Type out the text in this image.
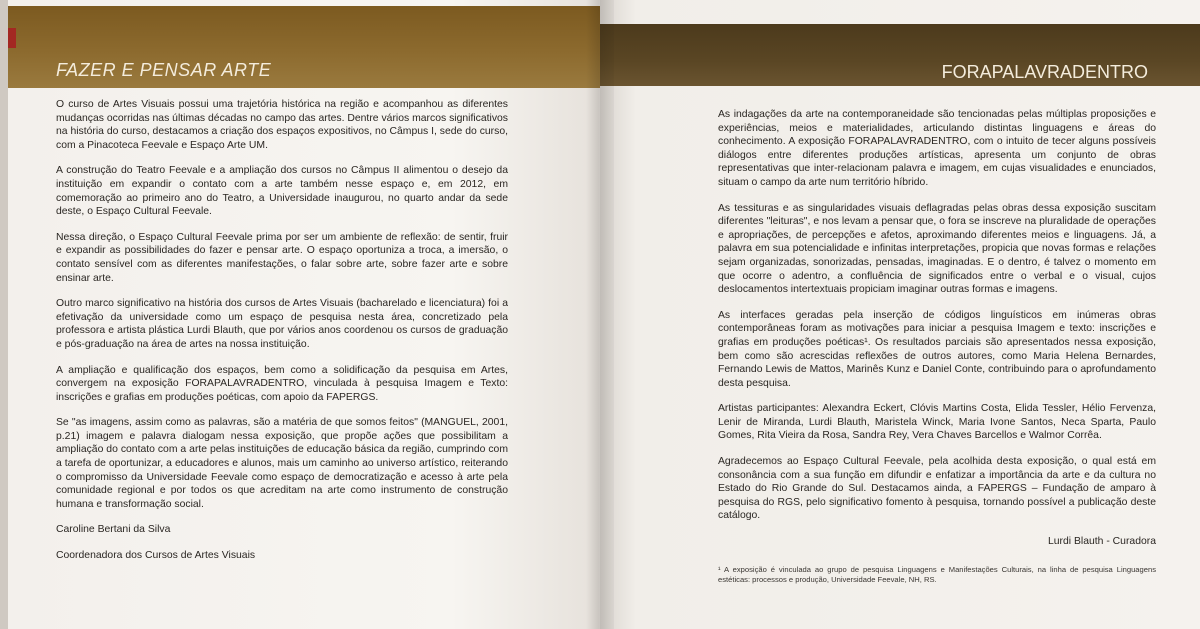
FAZER E PENSAR ARTE

O curso de Artes Visuais possui uma trajetória histórica na região e acompanhou as diferentes mudanças ocorridas nas últimas décadas no campo das artes. Dentre vários marcos significativos na história do curso, destacamos a criação dos espaços expositivos, no Câmpus I, sede do curso, com a Pinacoteca Feevale e Espaço Arte UM.

A construção do Teatro Feevale e a ampliação dos cursos no Câmpus II alimentou o desejo da instituição em expandir o contato com a arte também nesse espaço e, em 2012, em comemoração ao primeiro ano do Teatro, a Universidade inaugurou, no quarto andar da sede deste, o Espaço Cultural Feevale.

Nessa direção, o Espaço Cultural Feevale prima por ser um ambiente de reflexão: de sentir, fruir e expandir as possibilidades do fazer e pensar arte. O espaço oportuniza a troca, a imersão, o contato sensível com as diferentes manifestações, o falar sobre arte, sobre fazer arte e sobre ensinar arte.

Outro marco significativo na história dos cursos de Artes Visuais (bacharelado e licenciatura) foi a efetivação da universidade como um espaço de pesquisa nesta área, concretizado pela professora e artista plástica Lurdi Blauth, que por vários anos coordenou os cursos de graduação e pós-graduação na área de artes na nossa instituição.

A ampliação e qualificação dos espaços, bem como a solidificação da pesquisa em Artes, convergem na exposição FORAPALAVRADENTRO, vinculada à pesquisa Imagem e Texto: inscrições e grafias em produções poéticas, com apoio da FAPERGS.

Se "as imagens, assim como as palavras, são a matéria de que somos feitos" (MANGUEL, 2001, p.21) imagem e palavra dialogam nessa exposição, que propõe ações que possibilitam a ampliação do contato com a arte pelas instituições de educação básica da região, cumprindo com a tarefa de oportunizar, a educadores e alunos, mais um caminho ao universo artístico, reiterando o compromisso da Universidade Feevale como espaço de democratização e acesso à arte pela comunidade regional e por todos os que acreditam na arte como instrumento de construção humana e transformação social.

Caroline Bertani da Silva

Coordenadora dos Cursos de Artes Visuais

FORAPALAVRADENTRO

As indagações da arte na contemporaneidade são tencionadas pelas múltiplas proposições e experiências, meios e materialidades, articulando distintas linguagens e áreas do conhecimento. A exposição FORAPALAVRADENTRO, com o intuito de tecer alguns possíveis diálogos entre diferentes produções artísticas, apresenta um conjunto de obras representativas que inter-relacionam palavra e imagem, em cujas visualidades e enunciados, situam o campo da arte num território híbrido.

As tessituras e as singularidades visuais deflagradas pelas obras dessa exposição suscitam diferentes "leituras", e nos levam a pensar que, o fora se inscreve na pluralidade de operações e apropriações, de percepções e afetos, aproximando diferentes meios e linguagens. Já, a palavra em sua potencialidade e infinitas interpretações, propicia que novas formas e relações sejam organizadas, sonorizadas, pensadas, imaginadas. E o dentro, é talvez o momento em que ocorre o adentro, a confluência de significados entre o verbal e o visual, cujos deslocamentos intertextuais propiciam imaginar outras formas e imagens.

As interfaces geradas pela inserção de códigos linguísticos em inúmeras obras contemporâneas foram as motivações para iniciar a pesquisa Imagem e texto: inscrições e grafias em produções poéticas¹. Os resultados parciais são apresentados nessa exposição, bem como são acrescidas reflexões de outros autores, como Maria Helena Bernardes, Fernando Lewis de Mattos, Marinês Kunz e Daniel Conte, contribuindo para o aprofundamento desta pesquisa.

Artistas participantes: Alexandra Eckert, Clóvis Martins Costa, Elida Tessler, Hélio Fervenza, Lenir de Miranda, Lurdi Blauth, Maristela Winck, Maria Ivone Santos, Neca Sparta, Paulo Gomes, Rita Vieira da Rosa, Sandra Rey, Vera Chaves Barcellos e Walmor Corrêa.

Agradecemos ao Espaço Cultural Feevale, pela acolhida desta exposição, o qual está em consonância com a sua função em difundir e enfatizar a importância da arte e da cultura no Estado do Rio Grande do Sul. Destacamos ainda, a FAPERGS – Fundação de amparo à pesquisa do RGS, pelo significativo fomento à pesquisa, tornando possível a publicação deste catálogo.

Lurdi Blauth - Curadora

¹ A exposição é vinculada ao grupo de pesquisa Linguagens e Manifestações Culturais, na linha de pesquisa Linguagens estéticas: processos e produção, Universidade Feevale, NH, RS.
